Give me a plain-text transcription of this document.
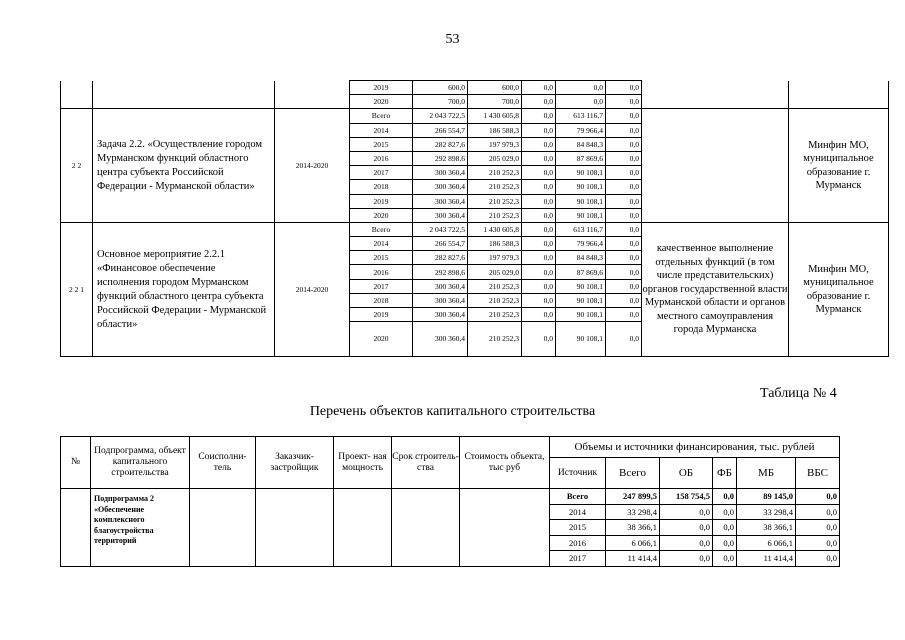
53
			2019	600,0	600,0	0,0	0,0	0,0		
			2020	700,0	700,0	0,0	0,0	0,0		
2 2	Задача 2.2. «Осуществление городом Мурманском функций областного центра субъекта Российской Федерации - Мурманской области»	2014-2020	Всего	2 043 722,5	1 430 605,8	0,0	613 116,7	0,0		Минфин МО, муниципальное образование г. Мурманск
			2014	266 554,7	186 588,3	0,0	79 966,4	0,0		
			2015	282 827,6	197 979,3	0,0	84 848,3	0,0		
			2016	292 898,6	205 029,0	0,0	87 869,6	0,0		
			2017	300 360,4	210 252,3	0,0	90 108,1	0,0		
			2018	300 360,4	210 252,3	0,0	90 108,1	0,0		
			2019	300 360,4	210 252,3	0,0	90 108,1	0,0		
			2020	300 360,4	210 252,3	0,0	90 108,1	0,0		
2 2 1	Основное мероприятие 2.2.1 «Финансовое обеспечение исполнения городом Мурманском функций областного центра субъекта Российской Федерации - Мурманской области»	2014-2020	Всего	2 043 722,5	1 430 605,8	0,0	613 116,7	0,0	качественное выполнение отдельных функций (в том числе представительских) органов государственной власти Мурманской области и органов местного самоуправления города Мурманска	Минфин МО, муниципальное образование г. Мурманск
			2014	266 554,7	186 588,3	0,0	79 966,4	0,0		
			2015	282 827,6	197 979,3	0,0	84 848,3	0,0		
			2016	292 898,6	205 029,0	0,0	87 869,6	0,0		
			2017	300 360,4	210 252,3	0,0	90 108,1	0,0		
			2018	300 360,4	210 252,3	0,0	90 108,1	0,0		
			2019	300 360,4	210 252,3	0,0	90 108,1	0,0		
			2020	300 360,4	210 252,3	0,0	90 108,1	0,0		
Таблица № 4
Перечень объектов капитального строительства
№	Подпрограмма, объект капитального строительства	Соисполни- тель	Заказчик- застройщик	Проект- ная мощность	Срок строитель- ства	Стоимость объекта, тыс руб	Объемы и источники финансирования, тыс. рублей					
							Источник	Всего	ОБ	ФБ	МБ	ВБС
	Подпрограмма 2 «Обеспечение комплексного благоустройства территорий						Всего	247 899,5	158 754,5	0,0	89 145,0	0,0
							2014	33 298,4	0,0	0,0	33 298,4	0,0
							2015	38 366,1	0,0	0,0	38 366,1	0,0
							2016	6 066,1	0,0	0,0	6 066,1	0,0
							2017	11 414,4	0,0	0,0	11 414,4	0,0
